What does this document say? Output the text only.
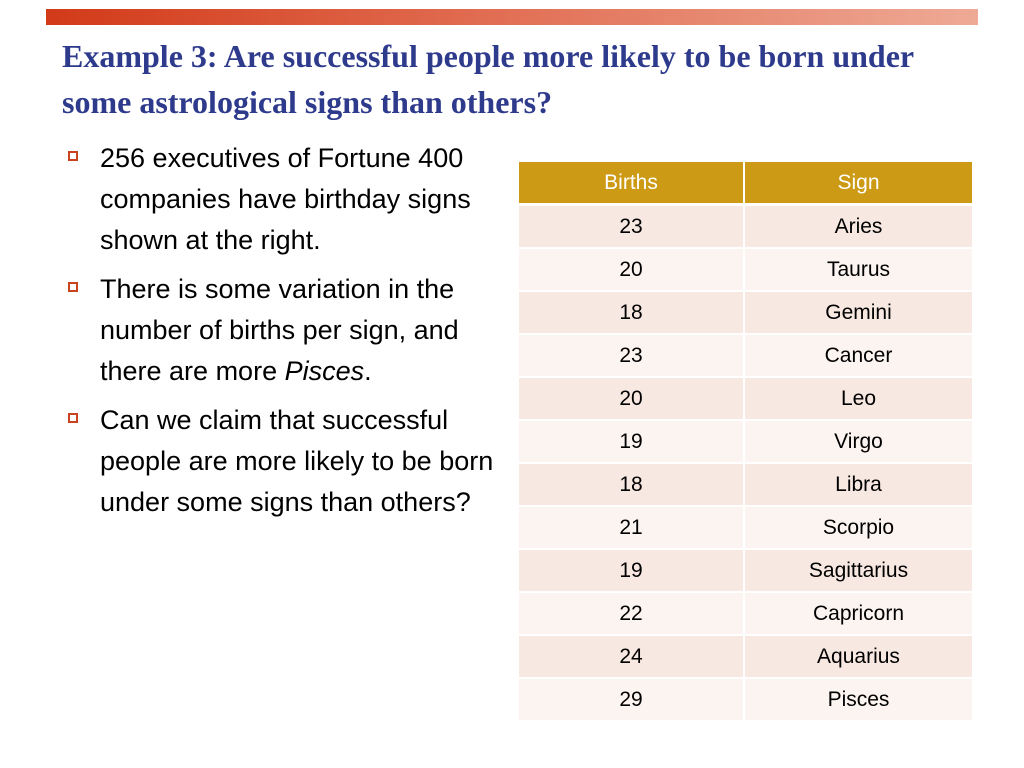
Example 3: Are successful people more likely to be born under some astrological signs than others?
256 executives of Fortune 400 companies have birthday signs shown at the right.
There is some variation in the number of births per sign, and there are more Pisces.
Can we claim that successful people are more likely to be born under some signs than others?
Births	Sign
23	Aries
20	Taurus
18	Gemini
23	Cancer
20	Leo
19	Virgo
18	Libra
21	Scorpio
19	Sagittarius
22	Capricorn
24	Aquarius
29	Pisces
